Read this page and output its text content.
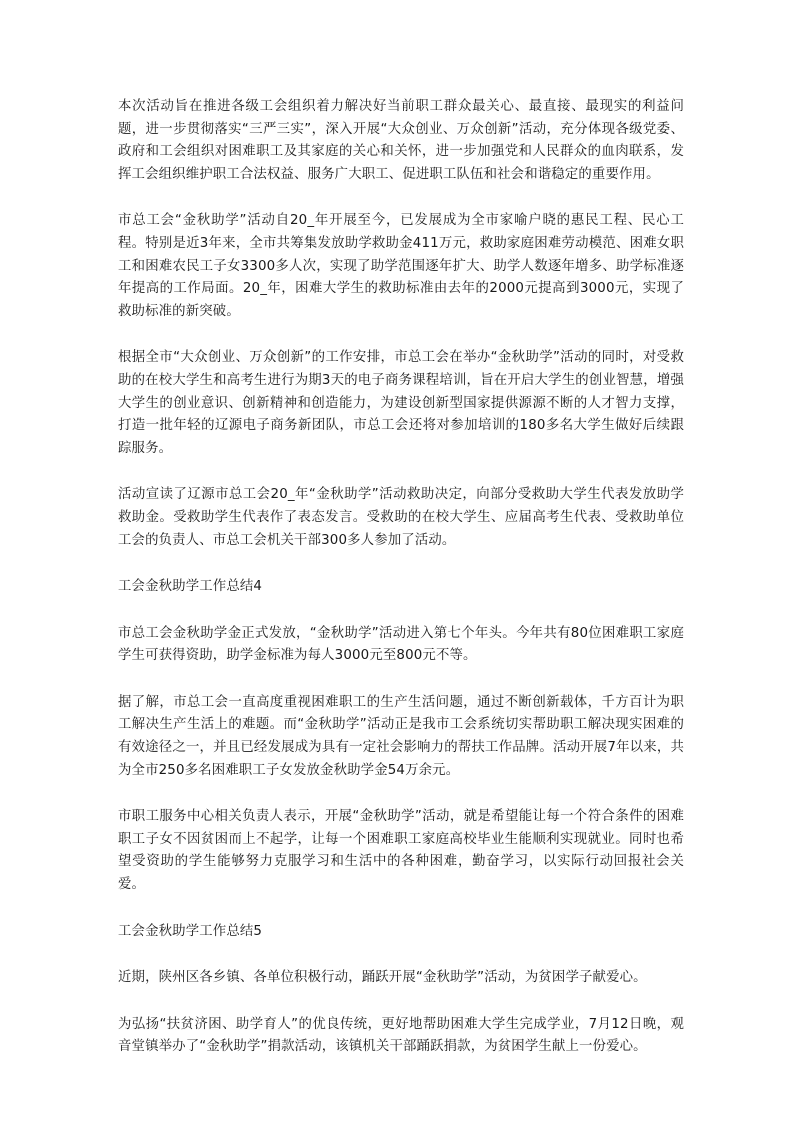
本次活动旨在推进各级工会组织着力解决好当前职工群众最关心、最直接、最现实的利益问题，进一步贯彻落实“三严三实”，深入开展“大众创业、万众创新”活动，充分体现各级党委、政府和工会组织对困难职工及其家庭的关心和关怀，进一步加强党和人民群众的血肉联系，发挥工会组织维护职工合法权益、服务广大职工、促进职工队伍和社会和谐稳定的重要作用。

市总工会“金秋助学”活动自20_年开展至今，已发展成为全市家喻户晓的惠民工程、民心工程。特别是近3年来，全市共筹集发放助学救助金411万元，救助家庭困难劳动模范、困难女职工和困难农民工子女3300多人次，实现了助学范围逐年扩大、助学人数逐年增多、助学标准逐年提高的工作局面。20_年，困难大学生的救助标准由去年的2000元提高到3000元，实现了救助标准的新突破。

根据全市“大众创业、万众创新”的工作安排，市总工会在举办“金秋助学”活动的同时，对受救助的在校大学生和高考生进行为期3天的电子商务课程培训，旨在开启大学生的创业智慧，增强大学生的创业意识、创新精神和创造能力，为建设创新型国家提供源源不断的人才智力支撑，打造一批年轻的辽源电子商务新团队，市总工会还将对参加培训的180多名大学生做好后续跟踪服务。

活动宣读了辽源市总工会20_年“金秋助学”活动救助决定，向部分受救助大学生代表发放助学救助金。受救助学生代表作了表态发言。受救助的在校大学生、应届高考生代表、受救助单位工会的负责人、市总工会机关干部300多人参加了活动。

工会金秋助学工作总结4

市总工会金秋助学金正式发放，“金秋助学”活动进入第七个年头。今年共有80位困难职工家庭学生可获得资助，助学金标准为每人3000元至800元不等。

据了解，市总工会一直高度重视困难职工的生产生活问题，通过不断创新载体，千方百计为职工解决生产生活上的难题。而“金秋助学”活动正是我市工会系统切实帮助职工解决现实困难的有效途径之一，并且已经发展成为具有一定社会影响力的帮扶工作品牌。活动开展7年以来，共为全市250多名困难职工子女发放金秋助学金54万余元。

市职工服务中心相关负责人表示，开展“金秋助学”活动，就是希望能让每一个符合条件的困难职工子女不因贫困而上不起学，让每一个困难职工家庭高校毕业生能顺利实现就业。同时也希望受资助的学生能够努力克服学习和生活中的各种困难，勤奋学习，以实际行动回报社会关爱。

工会金秋助学工作总结5

近期，陕州区各乡镇、各单位积极行动，踊跃开展“金秋助学”活动，为贫困学子献爱心。

为弘扬“扶贫济困、助学育人”的优良传统，更好地帮助困难大学生完成学业，7月12日晚，观音堂镇举办了“金秋助学”捐款活动，该镇机关干部踊跃捐款，为贫困学生献上一份爱心。
